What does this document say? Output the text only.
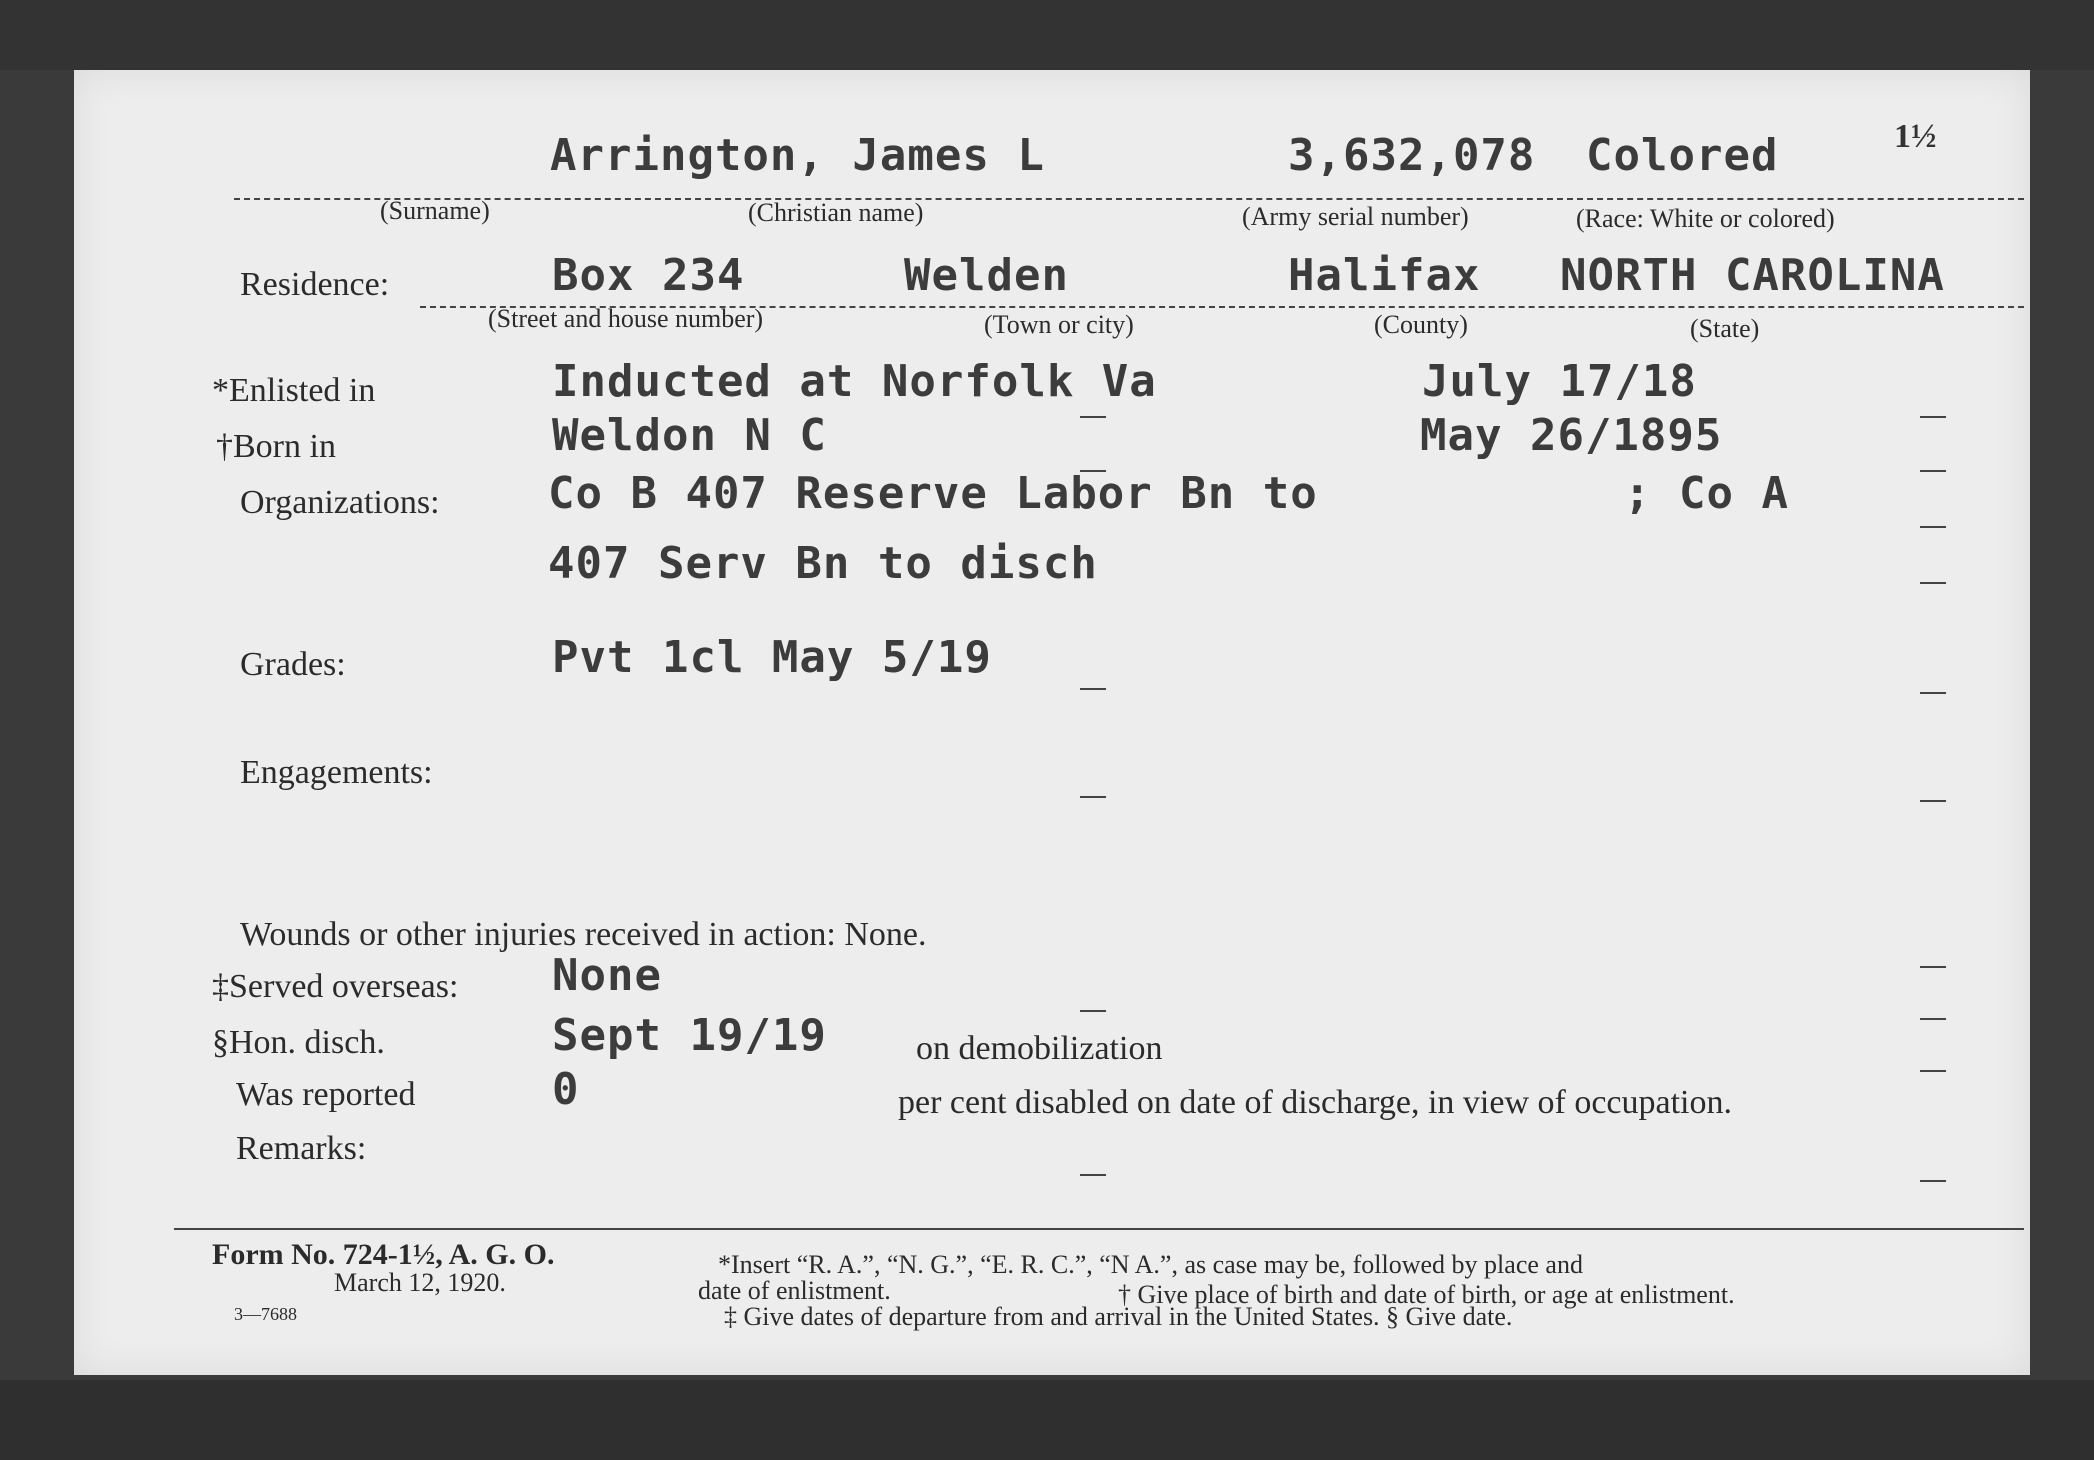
1½
Arrington, James L	3,632,078 Colored
(Surname)	(Christian name)	(Army serial number)	(Race: White or colored)
Residence:	Box 234	Welden	Halifax NORTH CAROLINA
(Street and house number)	(Town or city)	(County)	(State)
*Enlisted in	Inducted at Norfolk Va	July 17/18
†Born in	Weldon N C	May 26/1895
Organizations: Co B 407 Reserve Labor Bn to	; Co A
407 Serv Bn to disch
Grades:	Pvt 1cl May 5/19
Engagements:
Wounds or other injuries received in action: None.
‡Served overseas: None
§Hon. disch.	Sept 19/19	on demobilization
Was reported	0	per cent disabled on date of discharge, in view of occupation.
Remarks:
Form No. 724-1½, A. G. O.
March 12, 1920.
3—7688
*Insert “R. A.”, “N. G.”, “E. R. C.”, “N A.”, as case may be, followed by place and
date of enlistment.	† Give place of birth and date of birth, or age at enlistment.
‡ Give dates of departure from and arrival in the United States. § Give date.
